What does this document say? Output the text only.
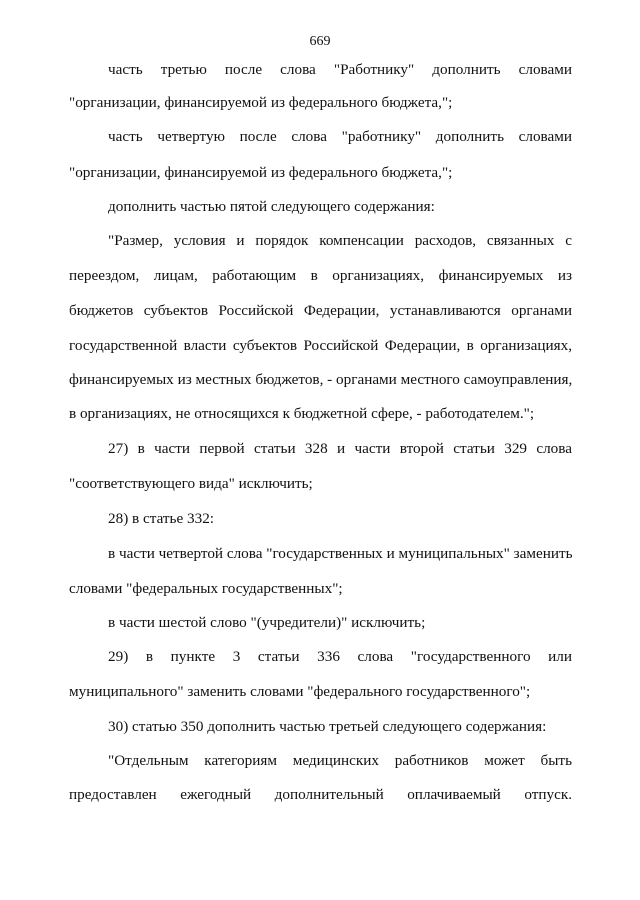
669
часть третью после слова "Работнику" дополнить словами
"организации, финансируемой из федерального бюджета,";
часть четвертую после слова "работнику" дополнить словами
"организации, финансируемой из федерального бюджета,";
дополнить частью пятой следующего содержания:
"Размер, условия и порядок компенсации расходов, связанных с
переездом, лицам, работающим в организациях, финансируемых из
бюджетов субъектов Российской Федерации, устанавливаются органами
государственной власти субъектов Российской Федерации, в организациях,
финансируемых из местных бюджетов, - органами местного самоуправления,
в организациях, не относящихся к бюджетной сфере, - работодателем.";
27) в части первой статьи 328 и части второй статьи 329 слова
"соответствующего вида" исключить;
28) в статье 332:
в части четвертой слова "государственных и муниципальных" заменить
словами "федеральных государственных";
в части шестой слово "(учредители)" исключить;
29) в пункте 3 статьи 336 слова "государственного или
муниципального" заменить словами "федерального государственного";
30) статью 350 дополнить частью третьей следующего содержания:
"Отдельным категориям медицинских работников может быть
предоставлен ежегодный дополнительный оплачиваемый отпуск.
